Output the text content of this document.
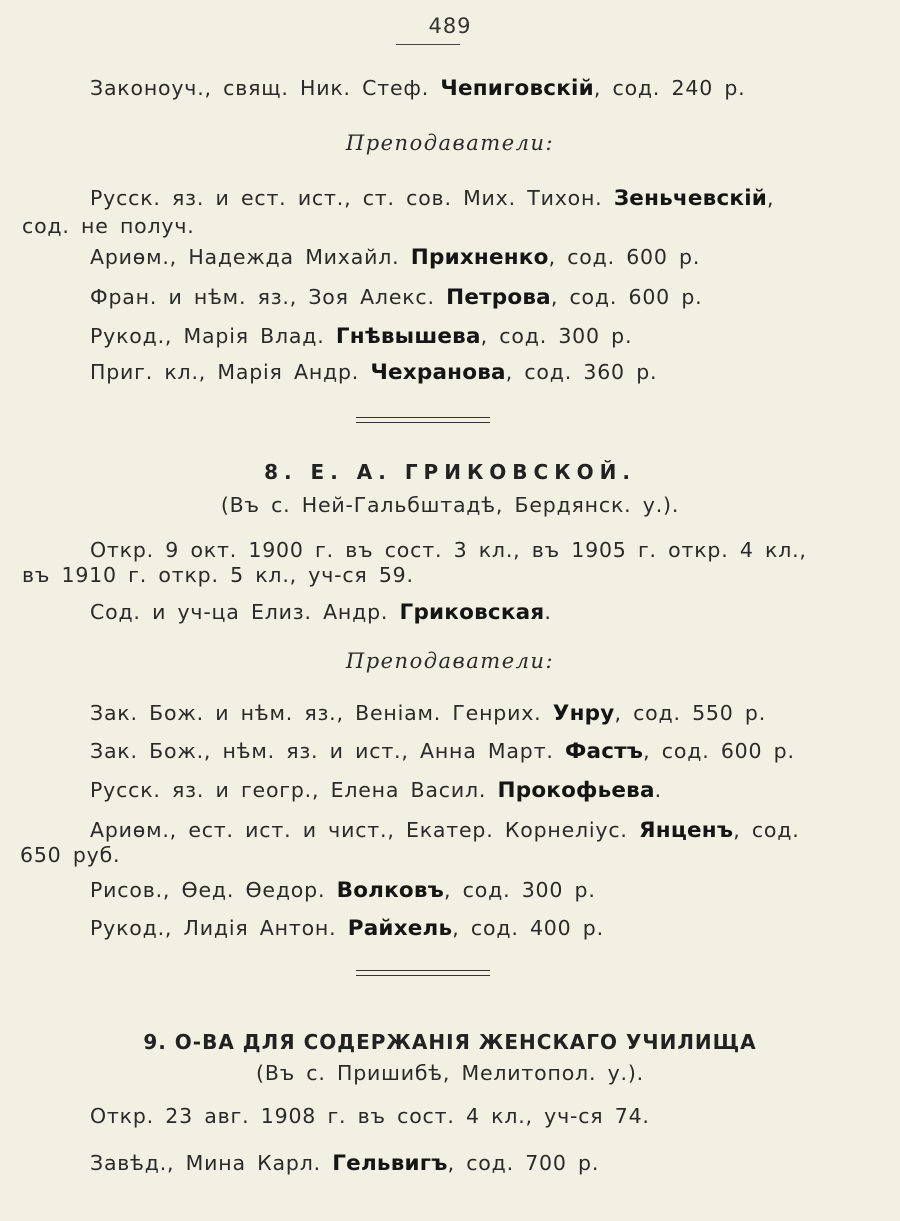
489
Законоуч., свящ. Ник. Стеф. Чепиговскій, сод. 240 р.
Преподаватели:
Русск. яз. и ест. ист., ст. сов. Мих. Тихон. Зеньчевскій,
сод. не получ.
Ариѳм., Надежда Михайл. Прихненко, сод. 600 р.
Фран. и нѣм. яз., Зоя Алекс. Петрова, сод. 600 р.
Рукод., Марія Влад. Гнѣвышева, сод. 300 р.
Приг. кл., Марія Андр. Чехранова, сод. 360 р.
8. Е. А. ГРИКОВСКОЙ.
(Въ с. Ней-Гальбштадѣ, Бердянск. у.).
Откр. 9 окт. 1900 г. въ сост. 3 кл., въ 1905 г. откр. 4 кл.,
въ 1910 г. откр. 5 кл., уч-ся 59.
Сод. и уч-ца Елиз. Андр. Гриковская.
Преподаватели:
Зак. Бож. и нѣм. яз., Веніам. Генрих. Унру, сод. 550 р.
Зак. Бож., нѣм. яз. и ист., Анна Март. Фастъ, сод. 600 р.
Русск. яз. и геогр., Елена Васил. Прокофьева.
Ариѳм., ест. ист. и чист., Екатер. Корнеліус. Янценъ, сод.
650 руб.
Рисов., Ѳед. Ѳедор. Волковъ, сод. 300 р.
Рукод., Лидія Антон. Райхель, сод. 400 р.
9. О-ВА ДЛЯ СОДЕРЖАНІЯ ЖЕНСКАГО УЧИЛИЩА
(Въ с. Пришибѣ, Мелитопол. у.).
Откр. 23 авг. 1908 г. въ сост. 4 кл., уч-ся 74.
Завѣд., Мина Карл. Гельвигъ, сод. 700 р.
